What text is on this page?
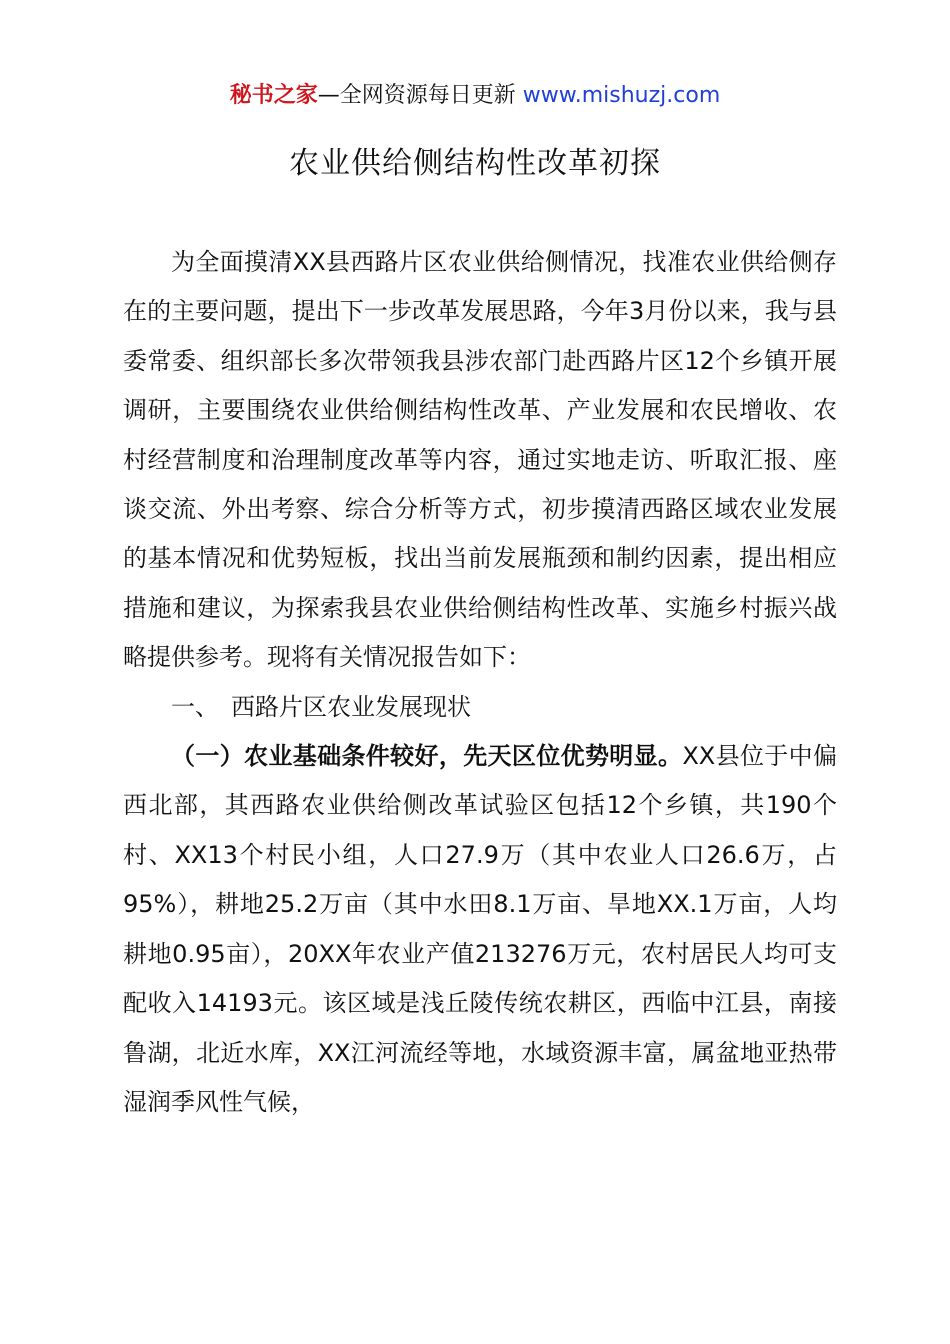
秘书之家—全网资源每日更新 www.mishuzj.com
农业供给侧结构性改革初探

为全面摸清XX县西路片区农业供给侧情况，找准农业供给侧存在的主要问题，提出下一步改革发展思路，今年3月份以来，我与县委常委、组织部长多次带领我县涉农部门赴西路片区12个乡镇开展调研，主要围绕农业供给侧结构性改革、产业发展和农民增收、农村经营制度和治理制度改革等内容，通过实地走访、听取汇报、座谈交流、外出考察、综合分析等方式，初步摸清西路区域农业发展的基本情况和优势短板，找出当前发展瓶颈和制约因素，提出相应措施和建议，为探索我县农业供给侧结构性改革、实施乡村振兴战略提供参考。现将有关情况报告如下：

一、 西路片区农业发展现状

（一）农业基础条件较好，先天区位优势明显。XX县位于中偏西北部，其西路农业供给侧改革试验区包括12个乡镇，共190个村、XX13个村民小组，人口27.9万（其中农业人口26.6万，占95%），耕地25.2万亩（其中水田8.1万亩、旱地XX.1万亩，人均耕地0.95亩），20XX年农业产值213276万元，农村居民人均可支配收入14193元。该区域是浅丘陵传统农耕区，西临中江县，南接鲁湖，北近水库，XX江河流经等地，水域资源丰富，属盆地亚热带湿润季风性气候，
